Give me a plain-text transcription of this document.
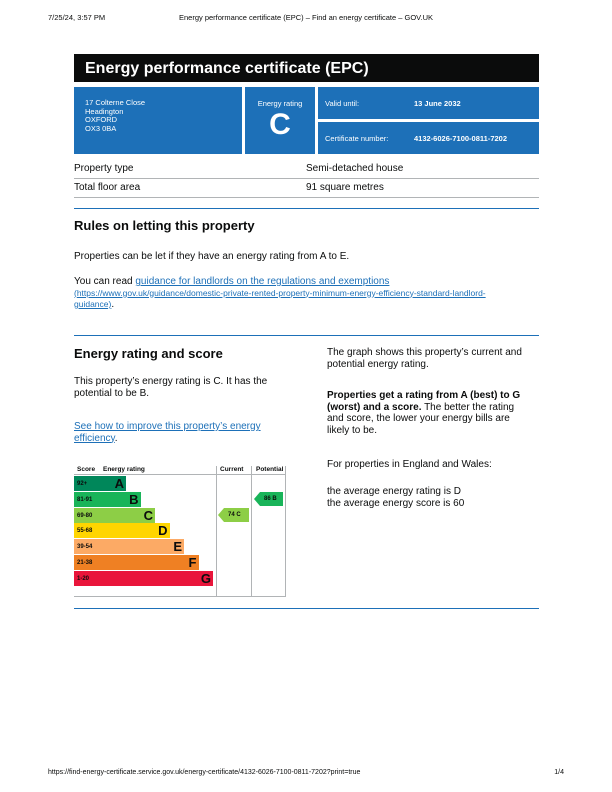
7/25/24, 3:57 PM	Energy performance certificate (EPC) – Find an energy certificate – GOV.UK
Energy performance certificate (EPC)
17 Colterne Close
Headington
OXFORD
OX3 0BA
Energy rating
C
Valid until:	13 June 2032
Certificate number:	4132-6026-7100-0811-7202
Property type	Semi-detached house
Total floor area	91 square metres
Rules on letting this property
Properties can be let if they have an energy rating from A to E.
You can read guidance for landlords on the regulations and exemptions
(https://www.gov.uk/guidance/domestic-private-rented-property-minimum-energy-efficiency-standard-landlord-
guidance).
Energy rating and score
This property’s energy rating is C. It has the
potential to be B.
See how to improve this property’s energy
efficiency.
The graph shows this property’s current and
potential energy rating.
Properties get a rating from A (best) to G
(worst) and a score. The better the rating
and score, the lower your energy bills are
likely to be.
For properties in England and Wales:
the average energy rating is D
the average energy score is 60
Score Energy rating	Current Potential
92+	A
81-91	B
69-80	C
55-68	D
39-54	E
21-38	F
1-20	G
74 C
86 B
https://find-energy-certificate.service.gov.uk/energy-certificate/4132-6026-7100-0811-7202?print=true	1/4
